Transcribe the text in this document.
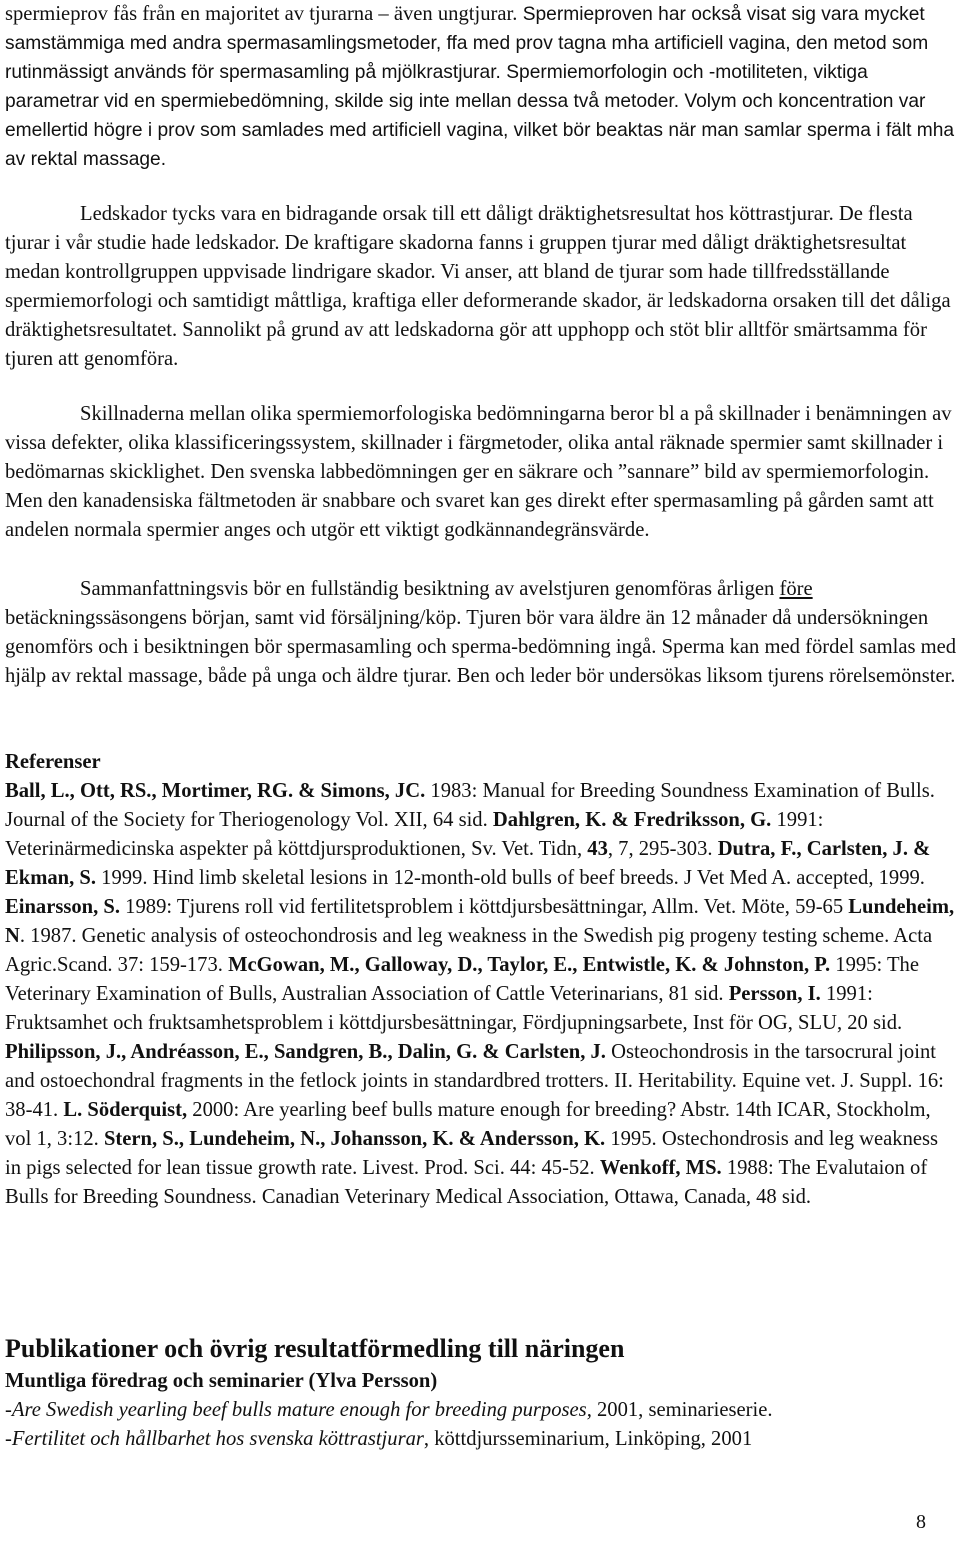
spermieprov fås från en majoritet av tjurarna – även ungtjurar. Spermieproven har också visat sig vara mycket samstämmiga med andra spermasamlingsmetoder, ffa med prov tagna mha artificiell vagina, den metod som rutinmässigt används för spermasamling på mjölkrastjurar. Spermiemorfologin och -motiliteten, viktiga parametrar vid en spermiebedömning, skilde sig inte mellan dessa två metoder. Volym och koncentration var emellertid högre i prov som samlades med artificiell vagina, vilket bör beaktas när man samlar sperma i fält mha av rektal massage.

Ledskador tycks vara en bidragande orsak till ett dåligt dräktighetsresultat hos köttrastjurar. De flesta tjurar i vår studie hade ledskador. De kraftigare skadorna fanns i gruppen tjurar med dåligt dräktighetsresultat medan kontrollgruppen uppvisade lindrigare skador. Vi anser, att bland de tjurar som hade tillfredsställande spermiemorfologi och samtidigt måttliga, kraftiga eller deformerande skador, är ledskadorna orsaken till det dåliga dräktighetsresultatet. Sannolikt på grund av att ledskadorna gör att upphopp och stöt blir alltför smärtsamma för tjuren att genomföra.

Skillnaderna mellan olika spermiemorfologiska bedömningarna beror bl a på skillnader i benämningen av vissa defekter, olika klassificeringssystem, skillnader i färgmetoder, olika antal räknade spermier samt skillnader i bedömarnas skicklighet. Den svenska labbedömningen ger en säkrare och ”sannare” bild av spermiemorfologin. Men den kanadensiska fältmetoden är snabbare och svaret kan ges direkt efter spermasamling på gården samt att andelen normala spermier anges och utgör ett viktigt godkännandegränsvärde.

Sammanfattningsvis bör en fullständig besiktning av avelstjuren genomföras årligen före betäckningssäsongens början, samt vid försäljning/köp. Tjuren bör vara äldre än 12 månader då undersökningen genomförs och i besiktningen bör spermasamling och sperma-bedömning ingå. Sperma kan med fördel samlas med hjälp av rektal massage, både på unga och äldre tjurar. Ben och leder bör undersökas liksom tjurens rörelsemönster.

Referenser

Ball, L., Ott, RS., Mortimer, RG. & Simons, JC. 1983: Manual for Breeding Soundness Examination of Bulls. Journal of the Society for Theriogenology Vol. XII, 64 sid. Dahlgren, K. & Fredriksson, G. 1991: Veterinärmedicinska aspekter på köttdjursproduktionen, Sv. Vet. Tidn, 43, 7, 295-303. Dutra, F., Carlsten, J. & Ekman, S. 1999. Hind limb skeletal lesions in 12-month-old bulls of beef breeds. J Vet Med A. accepted, 1999. Einarsson, S. 1989: Tjurens roll vid fertilitetsproblem i köttdjursbesättningar, Allm. Vet. Möte, 59-65 Lundeheim, N. 1987. Genetic analysis of osteochondrosis and leg weakness in the Swedish pig progeny testing scheme. Acta Agric.Scand. 37: 159-173. McGowan, M., Galloway, D., Taylor, E., Entwistle, K. & Johnston, P. 1995: The Veterinary Examination of Bulls, Australian Association of Cattle Veterinarians, 81 sid. Persson, I. 1991: Fruktsamhet och fruktsamhetsproblem i köttdjursbesättningar, Fördjupningsarbete, Inst för OG, SLU, 20 sid. Philipsson, J., Andréasson, E., Sandgren, B., Dalin, G. & Carlsten, J. Osteochondrosis in the tarsocrural joint and ostoechondral fragments in the fetlock joints in standardbred trotters. II. Heritability. Equine vet. J. Suppl. 16: 38-41. L. Söderquist, 2000: Are yearling beef bulls mature enough for breeding? Abstr. 14th ICAR, Stockholm, vol 1, 3:12. Stern, S., Lundeheim, N., Johansson, K. & Andersson, K. 1995. Ostechondrosis and leg weakness in pigs selected for lean tissue growth rate. Livest. Prod. Sci. 44: 45-52. Wenkoff, MS. 1988: The Evalutaion of Bulls for Breeding Soundness. Canadian Veterinary Medical Association, Ottawa, Canada, 48 sid.

Publikationer och övrig resultatförmedling till näringen

Muntliga föredrag och seminarier (Ylva Persson)

-Are Swedish yearling beef bulls mature enough for breeding purposes, 2001, seminarieserie.

-Fertilitet och hållbarhet hos svenska köttrastjurar, köttdjursseminarium, Linköping, 2001

8
